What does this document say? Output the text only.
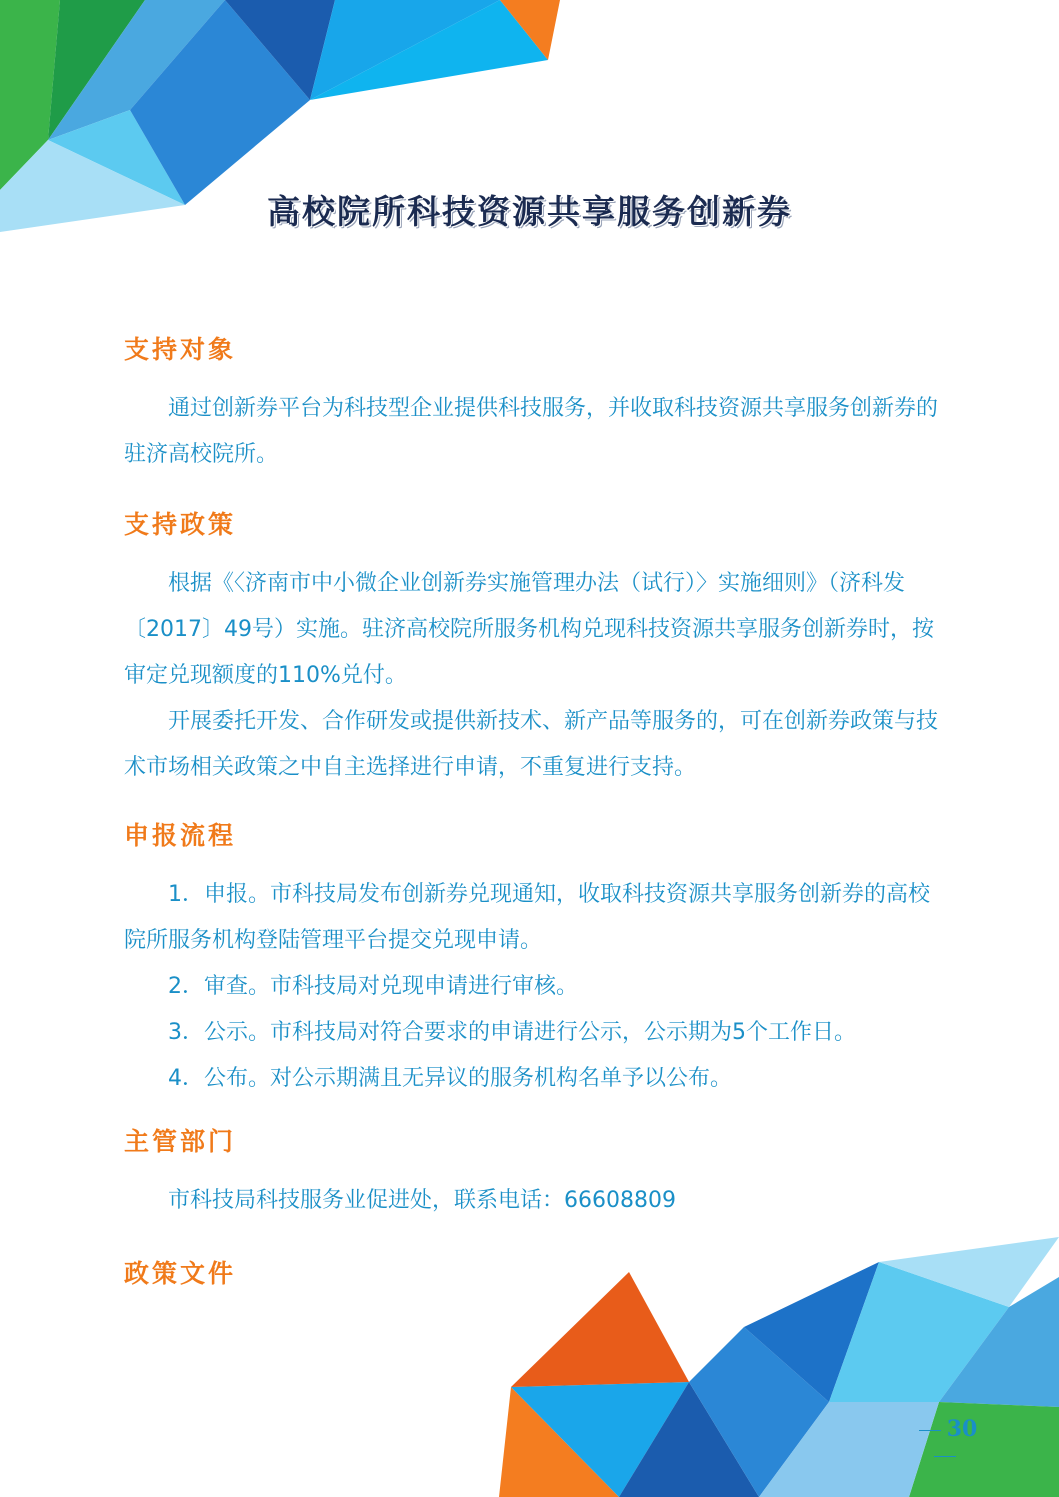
高校院所科技资源共享服务创新券
支持对象

通过创新券平台为科技型企业提供科技服务，并收取科技资源共享服务创新券的驻济高校院所。

支持政策

根据《〈济南市中小微企业创新券实施管理办法（试行）〉实施细则》（济科发〔2017〕49号）实施。驻济高校院所服务机构兑现科技资源共享服务创新券时，按审定兑现额度的110%兑付。

开展委托开发、合作研发或提供新技术、新产品等服务的，可在创新券政策与技术市场相关政策之中自主选择进行申请，不重复进行支持。

申报流程

1．申报。市科技局发布创新券兑现通知，收取科技资源共享服务创新券的高校院所服务机构登陆管理平台提交兑现申请。

2．审查。市科技局对兑现申请进行审核。

3．公示。市科技局对符合要求的申请进行公示，公示期为5个工作日。

4．公布。对公示期满且无异议的服务机构名单予以公布。

主管部门

市科技局科技服务业促进处，联系电话：66608809

政策文件
30
